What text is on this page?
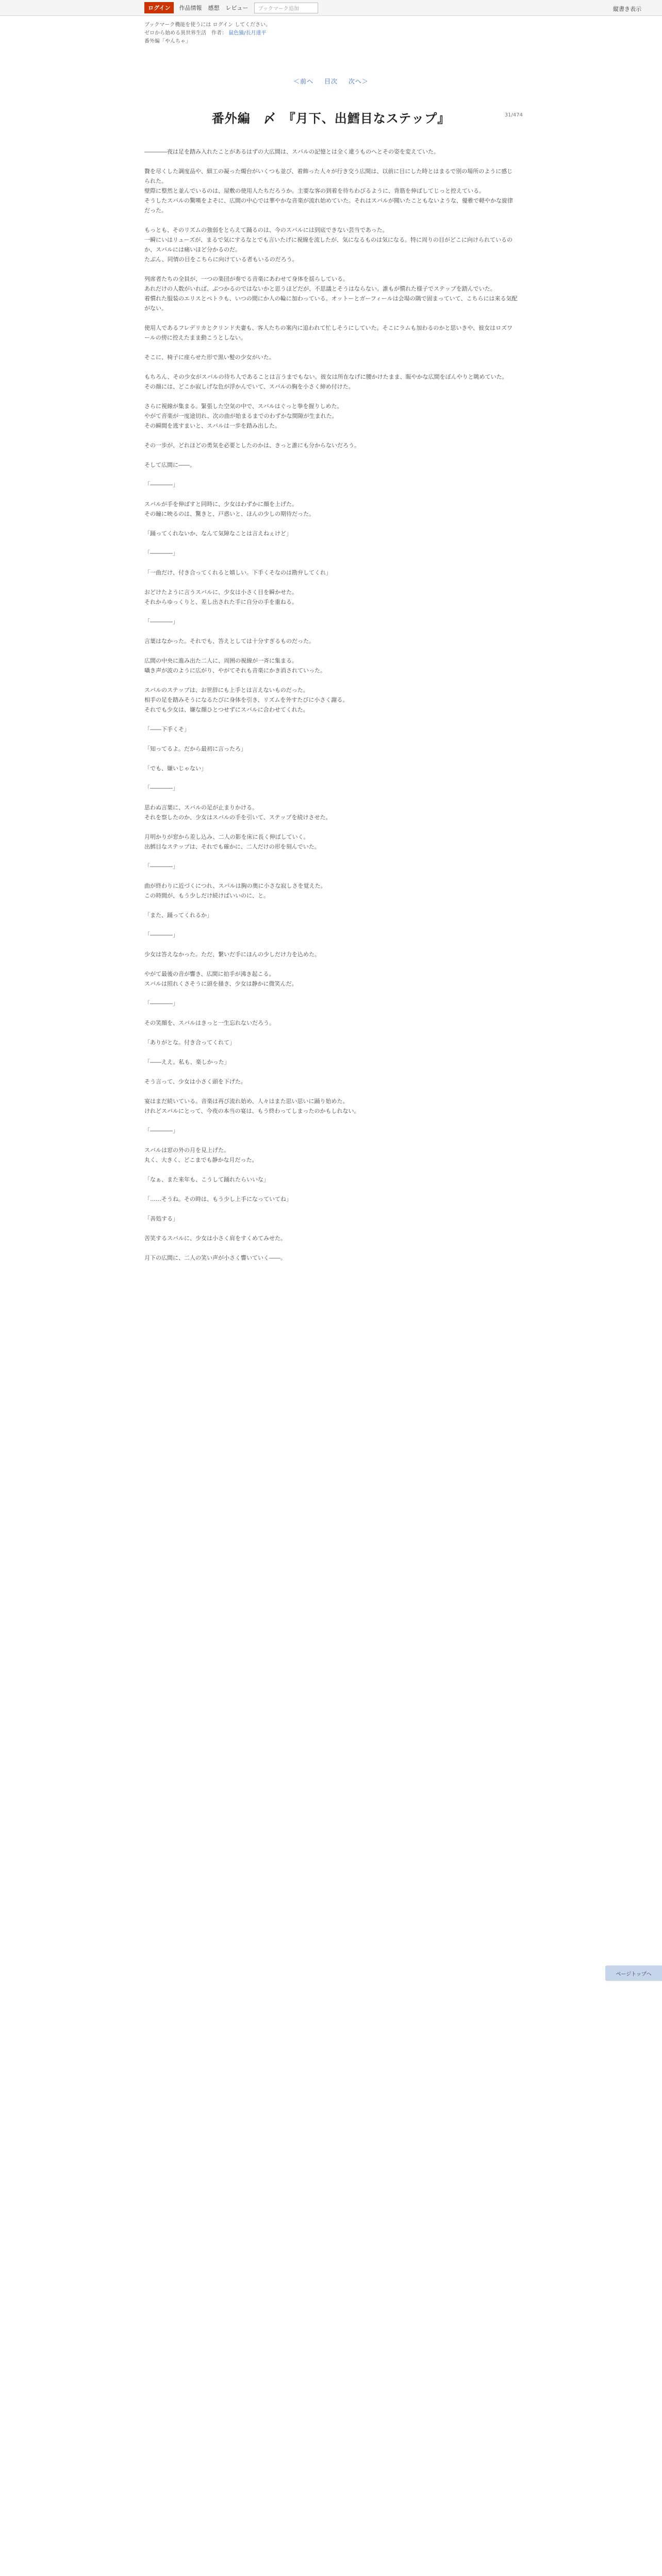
ログイン	作品情報 感想 レビュー	ブックマーク追加	縦書き表示
ブックマーク機能を使うには ログイン してください。
ゼロから始める異世界生活　作者： 鼠色猫/長月達平
番外編「やんちゃ」
＜前へ 目次 次へ＞
31/474
番外編　〆　『月下、出鱈目なステップ』

――――夜は足を踏み入れたことがあるはずの大広間は、スバルの記憶とは全く違うものへとその姿を変えていた。

贅を尽くした調度品や、細工の凝った燭台がいくつも並び、着飾った人々が行き交う広間は、以前に目にした時とはまるで別の場所のように感じられた。

壁際に整然と並んでいるのは、屋敷の使用人たちだろうか。主要な客の到着を待ちわびるように、背筋を伸ばしてじっと控えている。

そうしたスバルの驚嘆をよそに、広間の中心では華やかな音楽が流れ始めていた。それはスバルが聞いたこともないような、優雅で軽やかな旋律だった。

もっとも、そのリズムの強弱をとらえて踊るのは、今のスバルには到底できない芸当であった。

一瞬にいはリューズが、まるで気にするなとでも言いたげに視線を流したが、気になるものは気になる。特に周りの目がどこに向けられているのか、スバルには痛いほど分かるのだ。

たぶん、同情の目をこちらに向けている者もいるのだろう。

列席者たちの全員が、一つの楽団が奏でる音楽にあわせて身体を揺らしている。

あれだけの人数がいれば、ぶつかるのではないかと思うほどだが、不思議とそうはならない。誰もが慣れた様子でステップを踏んでいた。

着慣れた服装のエリスとペトラも、いつの間にか人の輪に加わっている。オットーとガーフィールは会場の隅で固まっていて、こちらには来る気配がない。

使用人であるフレデリカとクリンド夫妻も、客人たちの案内に追われて忙しそうにしていた。そこにラムも加わるのかと思いきや、彼女はロズワールの傍に控えたまま動こうとしない。

そこに、椅子に座らせた形で黒い髪の少女がいた。

もちろん、その少女がスバルの待ち人であることは言うまでもない。彼女は所在なげに腰かけたまま、賑やかな広間をぼんやりと眺めていた。

その顔には、どこか寂しげな色が浮かんでいて、スバルの胸を小さく締め付けた。

さらに視線が集まる。緊張した空気の中で、スバルはぐっと拳を握りしめた。

やがて音楽が一度途切れ、次の曲が始まるまでのわずかな間隙が生まれた。

その瞬間を逃すまいと、スバルは一歩を踏み出した。

その一歩が、どれほどの勇気を必要としたのかは、きっと誰にも分からないだろう。

そして広間に――。

「――――」

スバルが手を伸ばすと同時に、少女はわずかに顔を上げた。

その瞳に映るのは、驚きと、戸惑いと、ほんの少しの期待だった。

「踊ってくれないか、なんて気障なことは言えねぇけど」

「――――」

「一曲だけ、付き合ってくれると嬉しい。下手くそなのは勘弁してくれ」

おどけたように言うスバルに、少女は小さく目を瞬かせた。

それからゆっくりと、差し出された手に自分の手を重ねる。

「――――」

言葉はなかった。それでも、答えとしては十分すぎるものだった。

広間の中央に進み出た二人に、周囲の視線が一斉に集まる。

囁き声が波のように広がり、やがてそれも音楽にかき消されていった。

スバルのステップは、お世辞にも上手とは言えないものだった。

相手の足を踏みそうになるたびに身体を引き、リズムを外すたびに小さく謝る。

それでも少女は、嫌な顔ひとつせずにスバルに合わせてくれた。

「――下手くそ」

「知ってるよ。だから最初に言ったろ」

「でも、嫌いじゃない」

「――――」

思わぬ言葉に、スバルの足が止まりかける。

それを察したのか、少女はスバルの手を引いて、ステップを続けさせた。

月明かりが窓から差し込み、二人の影を床に長く伸ばしていく。

出鱈目なステップは、それでも確かに、二人だけの形を刻んでいた。

「――――」

曲が終わりに近づくにつれ、スバルは胸の奥に小さな寂しさを覚えた。

この時間が、もう少しだけ続けばいいのに、と。

「また、踊ってくれるか」

「――――」

少女は答えなかった。ただ、繋いだ手にほんの少しだけ力を込めた。

やがて最後の音が響き、広間に拍手が沸き起こる。

スバルは照れくさそうに頭を掻き、少女は静かに微笑んだ。

「――――」

その笑顔を、スバルはきっと一生忘れないだろう。

「ありがとな。付き合ってくれて」

「――ええ。私も、楽しかった」

そう言って、少女は小さく頭を下げた。

宴はまだ続いている。音楽は再び流れ始め、人々はまた思い思いに踊り始めた。

けれどスバルにとって、今夜の本当の宴は、もう終わってしまったのかもしれない。

「――――」

スバルは窓の外の月を見上げた。

丸く、大きく、どこまでも静かな月だった。

「なぁ、また来年も、こうして踊れたらいいな」

「……そうね。その時は、もう少し上手になっていてね」

「善処する」

苦笑するスバルに、少女は小さく肩をすくめてみせた。

月下の広間に、二人の笑い声が小さく響いていく――。

ページトップへ
